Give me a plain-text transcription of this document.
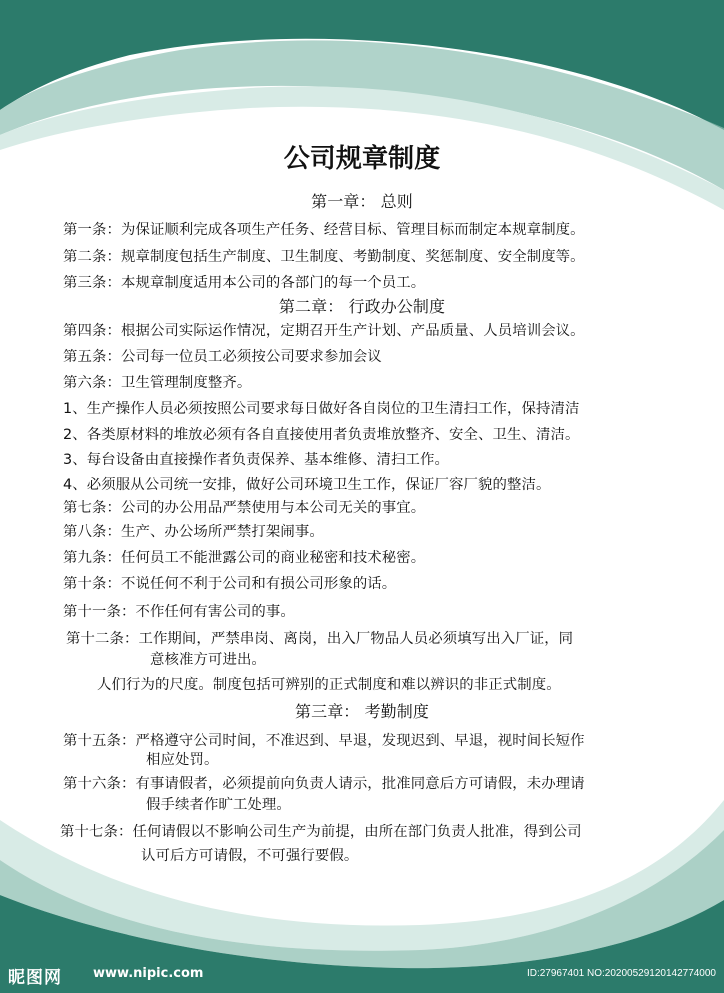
公司规章制度
第一章： 总则
第一条：为保证顺利完成各项生产任务、经营目标、管理目标而制定本规章制度。
第二条：规章制度包括生产制度、卫生制度、考勤制度、奖惩制度、安全制度等。
第三条：本规章制度适用本公司的各部门的每一个员工。
第二章： 行政办公制度
第四条：根据公司实际运作情况，定期召开生产计划、产品质量、人员培训会议。
第五条：公司每一位员工必须按公司要求参加会议
第六条：卫生管理制度整齐。
1、生产操作人员必须按照公司要求每日做好各自岗位的卫生清扫工作，保持清洁
2、各类原材料的堆放必须有各自直接使用者负责堆放整齐、安全、卫生、清洁。
3、每台设备由直接操作者负责保养、基本维修、清扫工作。
4、必须服从公司统一安排，做好公司环境卫生工作，保证厂容厂貌的整洁。
第七条：公司的办公用品严禁使用与本公司无关的事宜。
第八条：生产、办公场所严禁打架闹事。
第九条：任何员工不能泄露公司的商业秘密和技术秘密。
第十条：不说任何不利于公司和有损公司形象的话。
第十一条：不作任何有害公司的事。
第十二条：工作期间，严禁串岗、离岗，出入厂物品人员必须填写出入厂证，同
意核准方可进出。
人们行为的尺度。制度包括可辨别的正式制度和难以辨识的非正式制度。
第三章： 考勤制度
第十五条：严格遵守公司时间，不准迟到、早退，发现迟到、早退，视时间长短作
相应处罚。
第十六条：有事请假者，必须提前向负责人请示，批准同意后方可请假，未办理请
假手续者作旷工处理。
第十七条：任何请假以不影响公司生产为前提，由所在部门负责人批准，得到公司
认可后方可请假，不可强行要假。
昵图网 www.nipic.com	ID:27967401 NO:20200529120142774000
